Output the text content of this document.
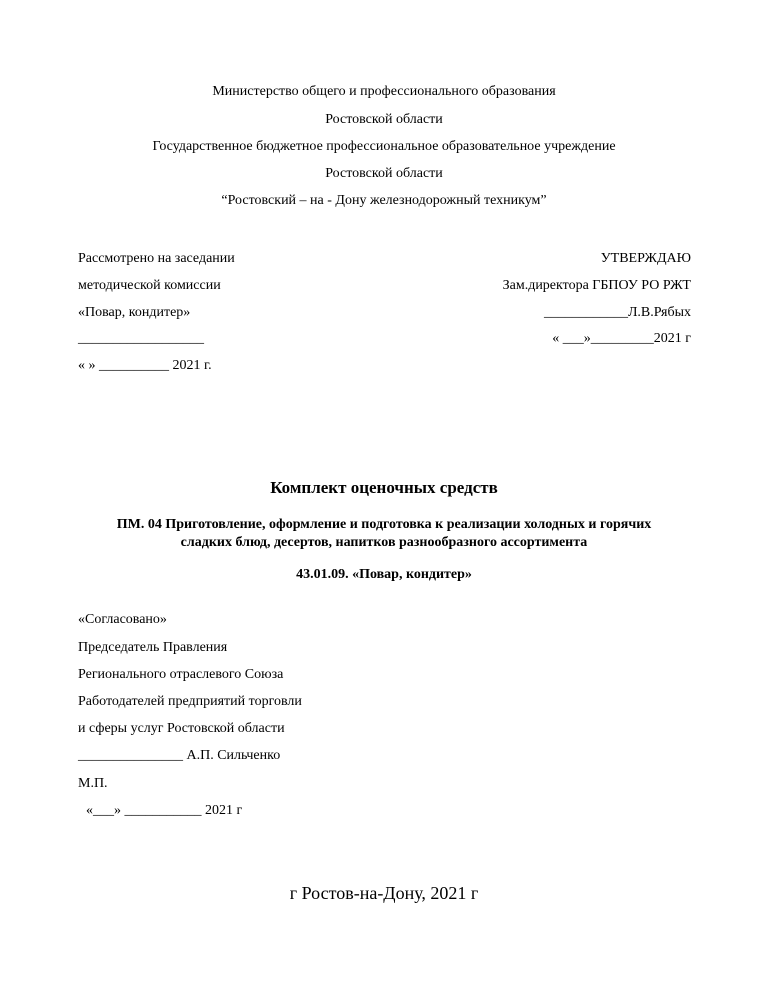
Министерство общего и профессионального образования
Ростовской области
Государственное бюджетное профессиональное образовательное учреждение
Ростовской области
“Ростовский – на - Дону железнодорожный техникум”
Рассмотрено на заседании
методической комиссии
«Повар, кондитер»
__________________
« » __________ 2021 г.
УТВЕРЖДАЮ
Зам.директора ГБПОУ РО РЖТ
____________Л.В.Рябых
« ___»_________2021 г
Комплект оценочных средств
ПМ. 04 Приготовление, оформление и подготовка к реализации холодных и горячих
сладких блюд, десертов, напитков разнообразного ассортимента
43.01.09. «Повар, кондитер»
«Согласовано»
Председатель Правления
Регионального отраслевого Союза
Работодателей предприятий торговли
и сферы услуг Ростовской области
_______________ А.П. Сильченко
М.П.
«___» ___________ 2021 г
г Ростов-на-Дону, 2021 г
